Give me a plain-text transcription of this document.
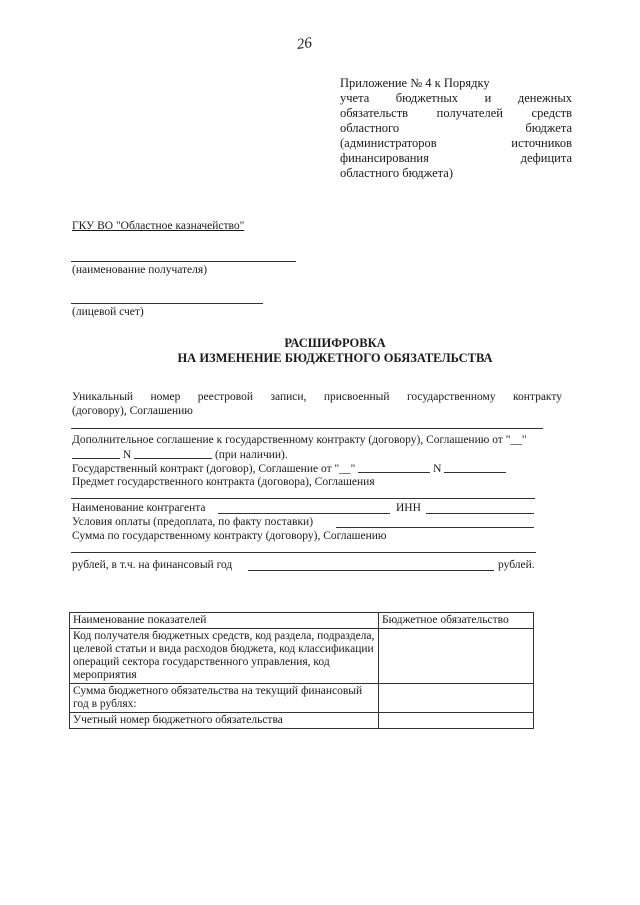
26
Приложение № 4 к Порядку
учета бюджетных и денежных
обязательств получателей средств
областного бюджета
(администраторов источников
финансирования дефицита
областного бюджета)
ГКУ ВО "Областное казначейство"
(наименование получателя)
(лицевой счет)
РАСШИФРОВКА
НА ИЗМЕНЕНИЕ БЮДЖЕТНОГО ОБЯЗАТЕЛЬСТВА
Уникальный номер реестровой записи, присвоенный государственному контракту
(договору), Соглашению
Дополнительное соглашение к государственному контракту (договору), Соглашению от "__"
N	(при наличии).
Государственный контракт (договор), Соглашение от "__"	N
Предмет государственного контракта (договора), Соглашения
Наименование контрагента	ИНН
Условия оплаты (предоплата, по факту поставки)
Сумма по государственному контракту (договору), Соглашению
рублей, в т.ч. на финансовый год	рублей.
Наименование показателей	Бюджетное обязательство
Код получателя бюджетных средств, код раздела, подраздела, целевой статьи и вида расходов бюджета, код классификации операций сектора государственного управления, код мероприятия	
Сумма бюджетного обязательства на текущий финансовый год в рублях:	
Учетный номер бюджетного обязательства	
